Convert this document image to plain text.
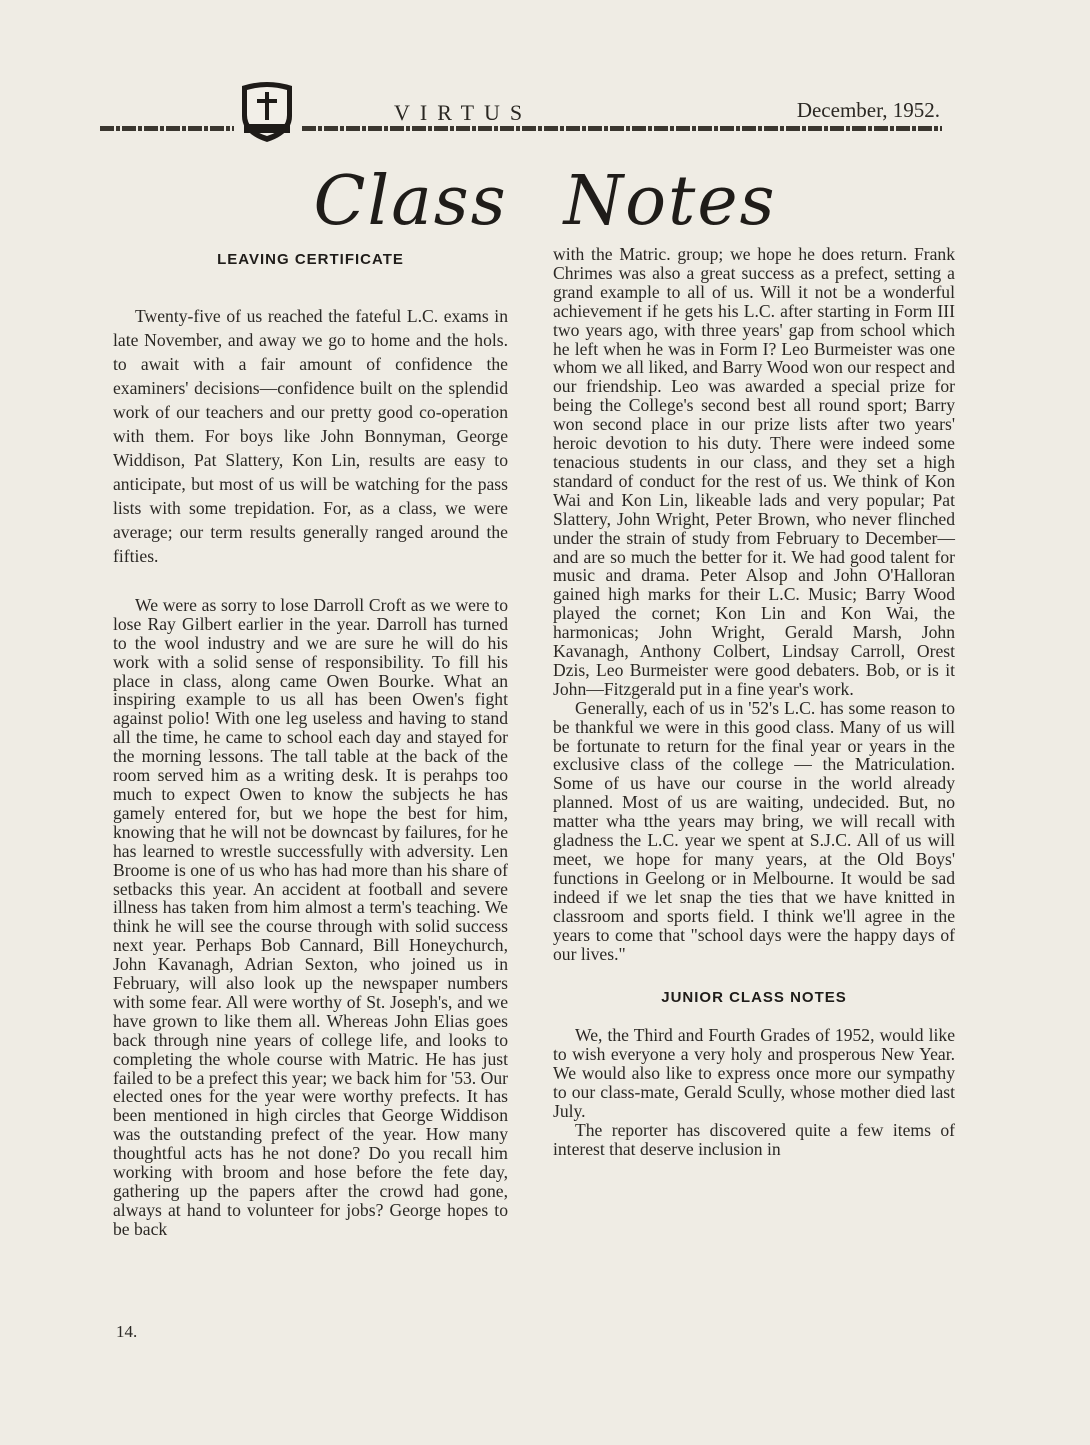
VIRTUS	December, 1952.
Class Notes
LEAVING CERTIFICATE

Twenty-five of us reached the fateful L.C. exams in late November, and away we go to home and the hols. to await with a fair amount of confidence the examiners' decisions—confidence built on the splendid work of our teachers and our pretty good co-operation with them. For boys like John Bonnyman, George Widdison, Pat Slattery, Kon Lin, results are easy to anticipate, but most of us will be watching for the pass lists with some trepidation. For, as a class, we were average; our term results generally ranged around the fifties.

We were as sorry to lose Darroll Croft as we were to lose Ray Gilbert earlier in the year. Darroll has turned to the wool industry and we are sure he will do his work with a solid sense of responsibility. To fill his place in class, along came Owen Bourke. What an inspiring example to us all has been Owen's fight against polio! With one leg useless and having to stand all the time, he came to school each day and stayed for the morning lessons. The tall table at the back of the room served him as a writing desk. It is perahps too much to expect Owen to know the subjects he has gamely entered for, but we hope the best for him, knowing that he will not be downcast by failures, for he has learned to wrestle successfully with adversity. Len Broome is one of us who has had more than his share of setbacks this year. An accident at football and severe illness has taken from him almost a term's teaching. We think he will see the course through with solid success next year. Perhaps Bob Cannard, Bill Honeychurch, John Kavanagh, Adrian Sexton, who joined us in February, will also look up the newspaper numbers with some fear. All were worthy of St. Joseph's, and we have grown to like them all. Whereas John Elias goes back through nine years of college life, and looks to completing the whole course with Matric. He has just failed to be a prefect this year; we back him for '53. Our elected ones for the year were worthy prefects. It has been mentioned in high circles that George Widdison was the outstanding prefect of the year. How many thoughtful acts has he not done? Do you recall him working with broom and hose before the fete day, gathering up the papers after the crowd had gone, always at hand to volunteer for jobs? George hopes to be back

with the Matric. group; we hope he does return. Frank Chrimes was also a great success as a prefect, setting a grand example to all of us. Will it not be a wonderful achievement if he gets his L.C. after starting in Form III two years ago, with three years' gap from school which he left when he was in Form I? Leo Burmeister was one whom we all liked, and Barry Wood won our respect and our friendship. Leo was awarded a special prize for being the College's second best all round sport; Barry won second place in our prize lists after two years' heroic devotion to his duty. There were indeed some tenacious students in our class, and they set a high standard of conduct for the rest of us. We think of Kon Wai and Kon Lin, likeable lads and very popular; Pat Slattery, John Wright, Peter Brown, who never flinched under the strain of study from February to December—and are so much the better for it. We had good talent for music and drama. Peter Alsop and John O'Halloran gained high marks for their L.C. Music; Barry Wood played the cornet; Kon Lin and Kon Wai, the harmonicas; John Wright, Gerald Marsh, John Kavanagh, Anthony Colbert, Lindsay Carroll, Orest Dzis, Leo Burmeister were good debaters. Bob, or is it John—Fitzgerald put in a fine year's work.

Generally, each of us in '52's L.C. has some reason to be thankful we were in this good class. Many of us will be fortunate to return for the final year or years in the exclusive class of the college — the Matriculation. Some of us have our course in the world already planned. Most of us are waiting, undecided. But, no matter wha tthe years may bring, we will recall with gladness the L.C. year we spent at S.J.C. All of us will meet, we hope for many years, at the Old Boys' functions in Geelong or in Melbourne. It would be sad indeed if we let snap the ties that we have knitted in classroom and sports field. I think we'll agree in the years to come that "school days were the happy days of our lives."

JUNIOR CLASS NOTES

We, the Third and Fourth Grades of 1952, would like to wish everyone a very holy and prosperous New Year. We would also like to express once more our sympathy to our class-mate, Gerald Scully, whose mother died last July.

The reporter has discovered quite a few items of interest that deserve inclusion in

14.
